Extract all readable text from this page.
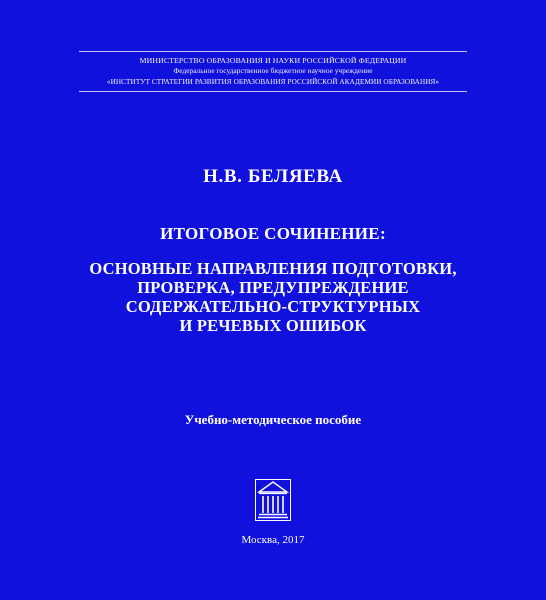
МИНИСТЕРСТВО ОБРАЗОВАНИЯ И НАУКИ РОССИЙСКОЙ ФЕДЕРАЦИИ
Федеральное государственное бюджетное научное учреждение
«ИНСТИТУТ СТРАТЕГИИ РАЗВИТИЯ ОБРАЗОВАНИЯ РОССИЙСКОЙ АКАДЕМИИ ОБРАЗОВАНИЯ»
Н.В. БЕЛЯЕВА
ИТОГОВОЕ СОЧИНЕНИЕ:
ОСНОВНЫЕ НАПРАВЛЕНИЯ ПОДГОТОВКИ,
ПРОВЕРКА, ПРЕДУПРЕЖДЕНИЕ
СОДЕРЖАТЕЛЬНО-СТРУКТУРНЫХ
И РЕЧЕВЫХ ОШИБОК
Учебно-методическое пособие
Москва, 2017
